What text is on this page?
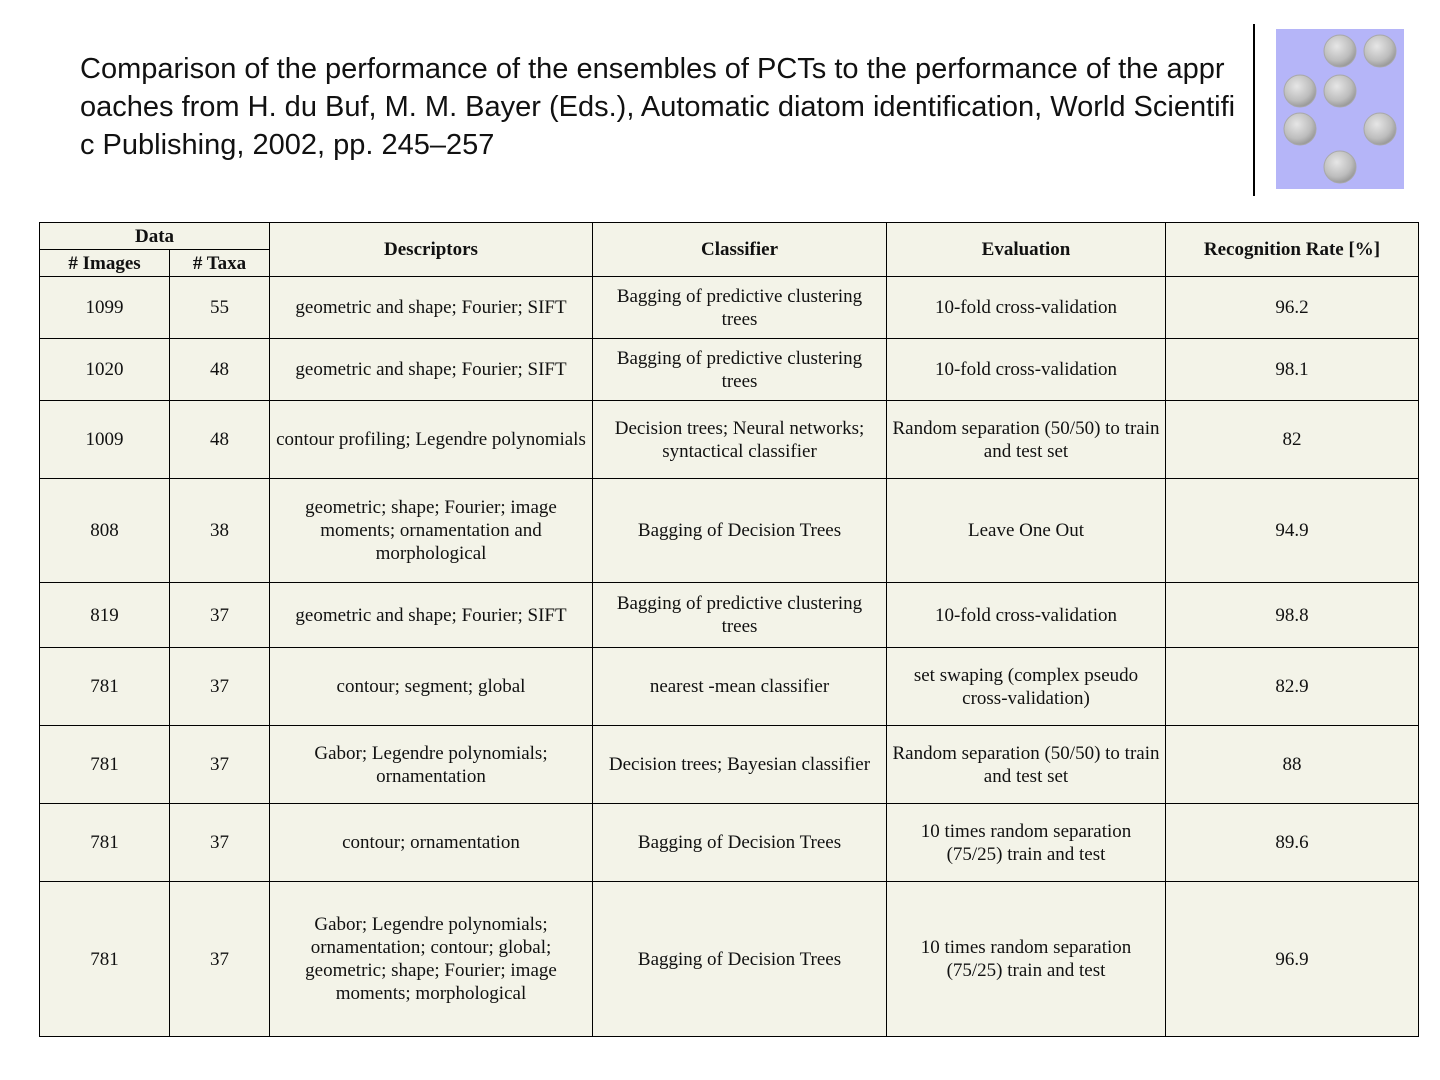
Comparison of the performance of the ensembles of PCTs to the performance of the approaches from H. du Buf, M. M. Bayer (Eds.), Automatic diatom identification, World Scientific Publishing, 2002, pp. 245–257
Data		Descriptors	Classifier	Evaluation	Recognition Rate [%]
# Images	# Taxa				
1099	55	geometric and shape; Fourier; SIFT	Bagging of predictive clustering trees	10-fold cross-validation	96.2
1020	48	geometric and shape; Fourier; SIFT	Bagging of predictive clustering trees	10-fold cross-validation	98.1
1009	48	contour profiling; Legendre polynomials	Decision trees; Neural networks; syntactical classifier	Random separation (50/50) to train and test set	82
808	38	geometric; shape; Fourier; image moments; ornamentation and morphological	Bagging of Decision Trees	Leave One Out	94.9
819	37	geometric and shape; Fourier; SIFT	Bagging of predictive clustering trees	10-fold cross-validation	98.8
781	37	contour; segment; global	nearest -mean classifier	set swaping (complex pseudo cross-validation)	82.9
781	37	Gabor; Legendre polynomials; ornamentation	Decision trees; Bayesian classifier	Random separation (50/50) to train and test set	88
781	37	contour; ornamentation	Bagging of Decision Trees	10 times random separation (75/25) train and test	89.6
781	37	Gabor; Legendre polynomials; ornamentation; contour; global; geometric; shape; Fourier; image moments; morphological	Bagging of Decision Trees	10 times random separation (75/25) train and test	96.9
